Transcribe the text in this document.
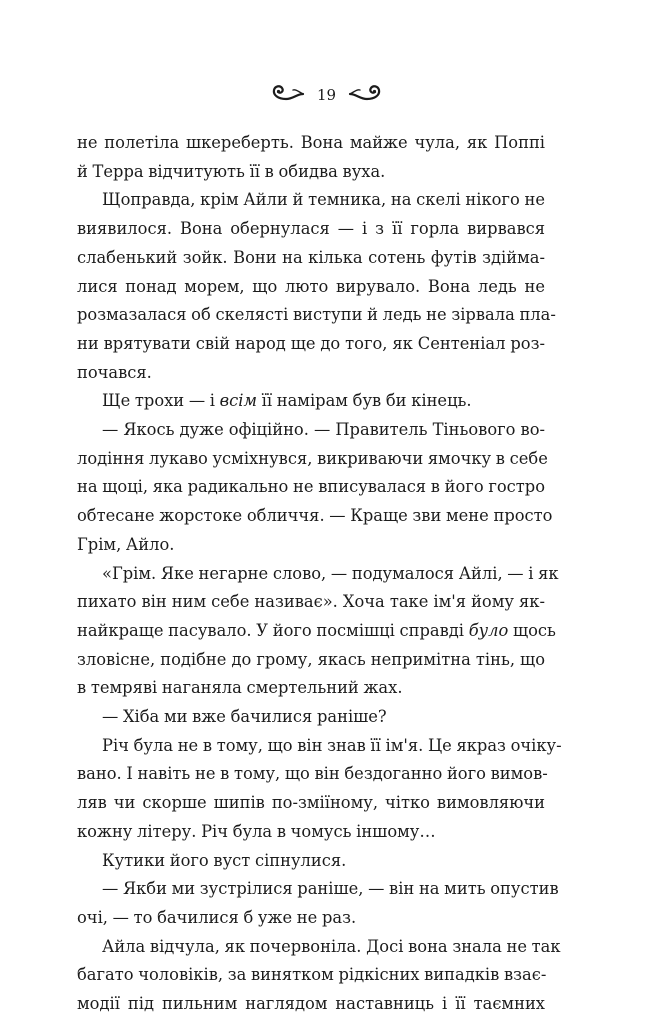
19

не полетіла шкереберть. Вона майже чула, як Поппі
й Терра відчитують її в обидва вуха.

Щоправда, крім Айли й темника, на скелі нікого не
виявилося. Вона обернулася — і з її горла вирвався
слабенький зойк. Вони на кілька сотень футів здійма-
лися понад морем, що люто вирувало. Вона ледь не
розмазалася об скелясті виступи й ледь не зірвала пла-
ни врятувати свій народ ще до того, як Сентеніал роз-
почався.

Ще трохи — і всім її намірам був би кінець.

— Якось дуже офіційно. — Правитель Тіньового во-
лодіння лукаво усміхнувся, викриваючи ямочку в себе
на щоці, яка радикально не вписувалася в його гостро
обтесане жорстоке обличчя. — Краще зви мене просто
Грім, Айло.

«Грім. Яке негарне слово, — подумалося Айлі, — і як
пихато він ним себе називає». Хоча таке ім'я йому як-
найкраще пасувало. У його посмішці справді було щось
зловісне, подібне до грому, якась непримітна тінь, що
в темряві наганяла смертельний жах.

— Хіба ми вже бачилися раніше?

Річ була не в тому, що він знав її ім'я. Це якраз очіку-
вано. І навіть не в тому, що він бездоганно його вимов-
ляв чи скорше шипів по-зміїному, чітко вимовляючи
кожну літеру. Річ була в чомусь іншому…

Кутики його вуст сіпнулися.

— Якби ми зустрілися раніше, — він на мить опустив
очі, — то бачилися б уже не раз.

Айла відчула, як почервоніла. Досі вона знала не так
багато чоловіків, за винятком рідкісних випадків взає-
модії під пильним наглядом наставниць і її таємних
